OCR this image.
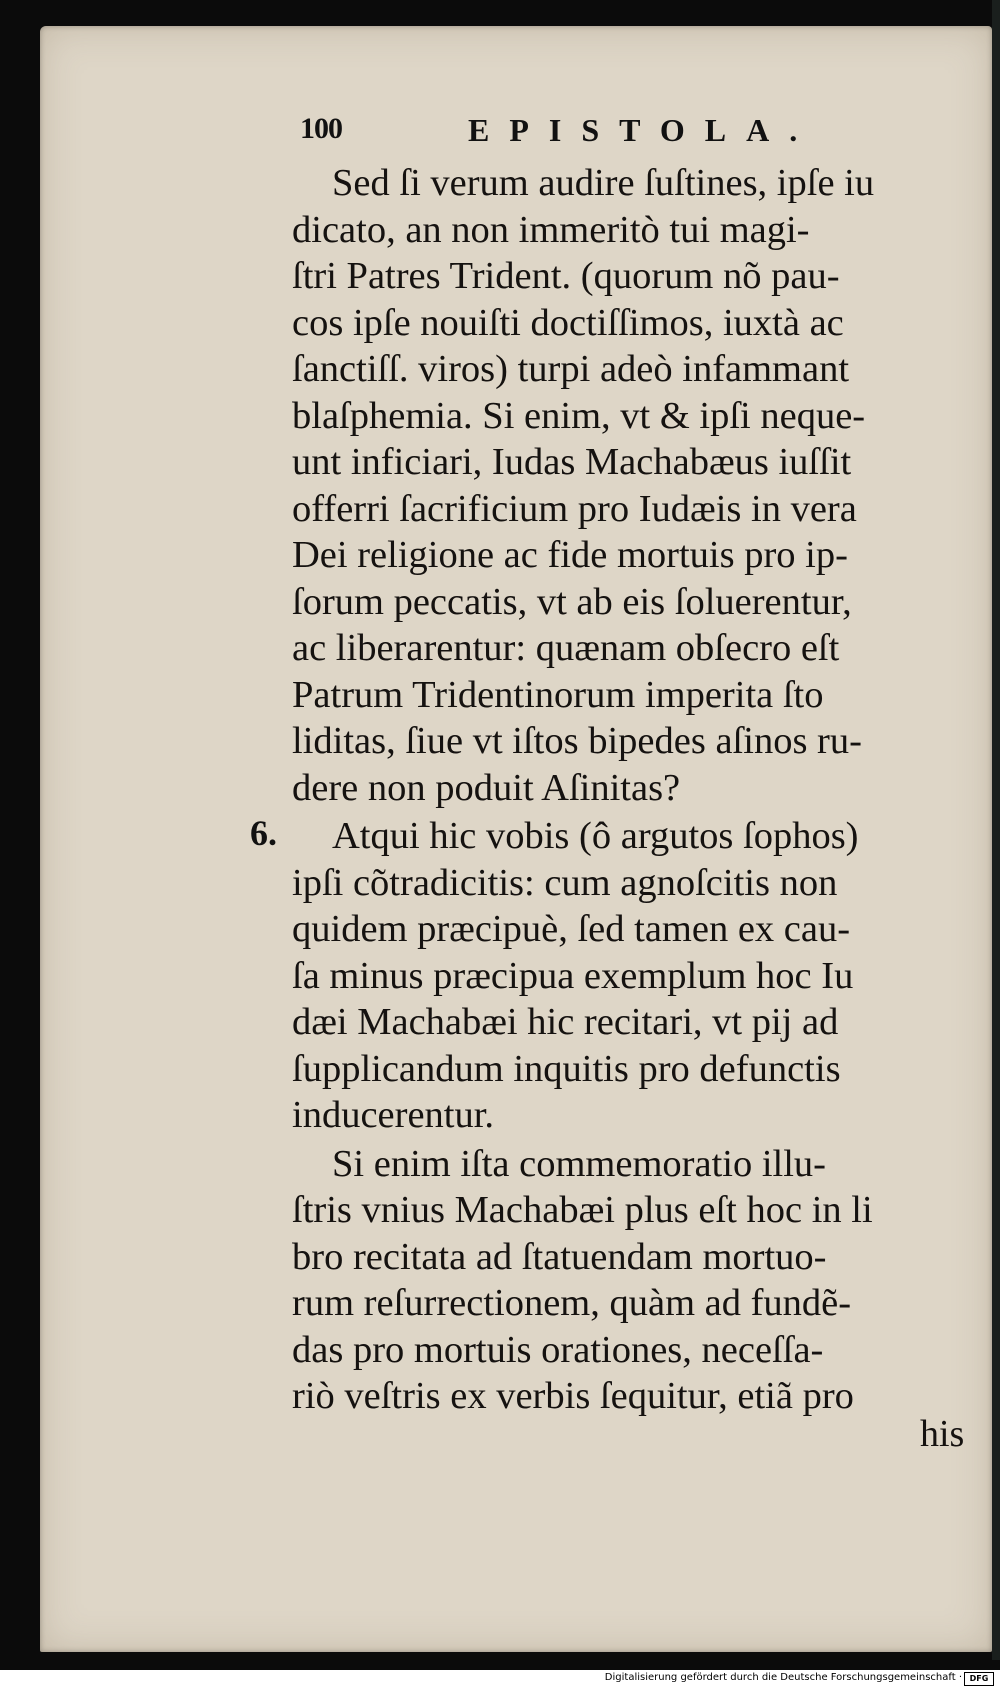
100	EPISTOLA.
6.
Sed ſi verum audire ſuſtines, ipſe iu
dicato, an non immeritò tui magi-
ſtri Patres Trident. (quorum nõ pau-
cos ipſe nouiſti doctiſſimos, iuxtà ac
ſanctiſſ. viros) turpi adeò infammant
blaſphemia. Si enim, vt & ipſi neque-
unt inficiari, Iudas Machabæus iuſſit
offerri ſacrificium pro Iudæis in vera
Dei religione ac fide mortuis pro ip-
ſorum peccatis, vt ab eis ſoluerentur,
ac liberarentur: quænam obſecro eſt
Patrum Tridentinorum imperita ſto
liditas, ſiue vt iſtos bipedes aſinos ru-
dere non poduit Aſinitas?
Atqui hic vobis (ô argutos ſophos)
ipſi cõtradicitis: cum agnoſcitis non
quidem præcipuè, ſed tamen ex cau-
ſa minus præcipua exemplum hoc Iu
dæi Machabæi hic recitari, vt pij ad
ſupplicandum inquitis pro defunctis
inducerentur.
Si enim iſta commemoratio illu-
ſtris vnius Machabæi plus eſt hoc in li
bro recitata ad ſtatuendam mortuo-
rum reſurrectionem, quàm ad fundẽ-
das pro mortuis orationes, neceſſa-
riò veſtris ex verbis ſequitur, etiã pro
his
Digitalisierung gefördert durch die Deutsche Forschungsgemeinschaft · DFG
